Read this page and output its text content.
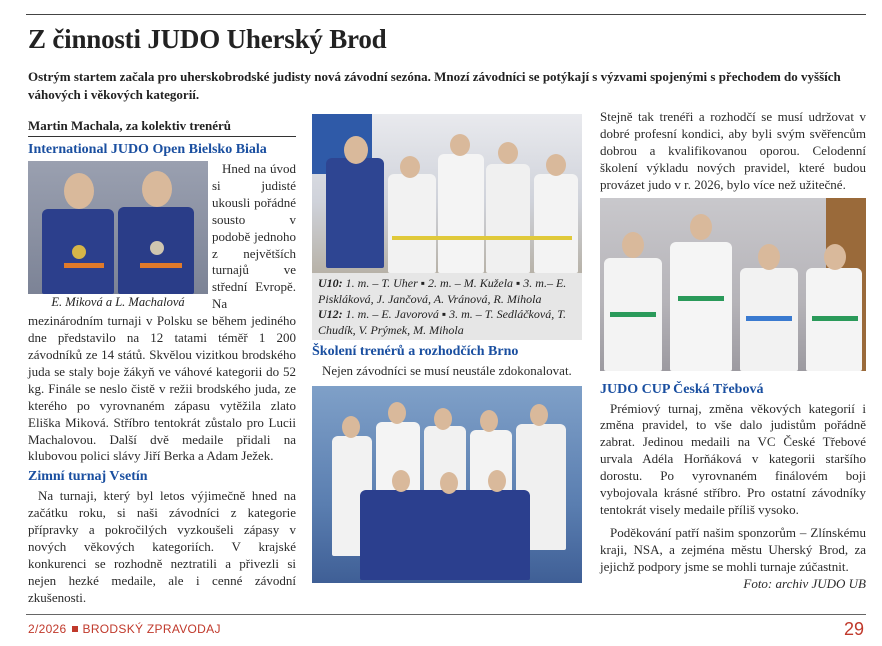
Z činnosti JUDO Uherský Brod

Ostrým startem začala pro uherskobrodské judisty nová závodní sezóna. Mnozí závodníci se potýkají s výzvami spojenými s přechodem do vyšších váhových i věkových kategorií.

Martin Machala, za kolektiv trenérů

International JUDO Open Bielsko Biala

E. Miková a L. Machalová

Hned na úvod si judisté ukousli pořádné sousto v podobě jednoho z největších turnajů ve střední Evropě. Na mezinárodním turnaji v Polsku se během jediného dne představilo na 12 tatami téměř 1 200 závodníků ze 14 států. Skvělou vizitkou brodského juda se staly boje žákyň ve váhové kategorii do 52 kg. Finále se neslo čistě v režii brodského juda, ze kterého po vyrovnaném zápasu vytěžila zlato Eliška Miková. Stříbro tentokrát zůstalo pro Lucii Machalovou. Další dvě medaile přidali na klubovou polici slávy Jiří Berka a Adam Ježek.

Zimní turnaj Vsetín

Na turnaji, který byl letos výjimečně hned na začátku roku, si naši závodníci z kategorie přípravky a pokročilých vyzkoušeli zápasy v nových věkových kategoriích. V krajské konkurenci se rozhodně neztratili a přivezli si nejen hezké medaile, ale i cenné závodní zkušenosti.

U10: 1. m. – T. Uher ▪ 2. m. – M. Kužela ▪ 3. m.– E. Piskláková, J. Jančová, A. Vránová, R. Mihola
U12: 1. m. – E. Javorová ▪ 3. m. – T. Sedláčková, T. Chudík, V. Prýmek, M. Mihola

Školení trenérů a rozhodčích Brno

Nejen závodníci se musí neustále zdokonalovat.

Stejně tak trenéři a rozhodčí se musí udržovat v dobré profesní kondici, aby byli svým svěřencům dobrou a kvalifikovanou oporou. Celodenní školení výkladu nových pravidel, které budou provázet judo v r. 2026, bylo více než užitečné.

JUDO CUP Česká Třebová

Prémiový turnaj, změna věkových kategorií i změna pravidel, to vše dalo judistům pořádně zabrat. Jedinou medaili na VC České Třebové urvala Adéla Horňáková v kategorii staršího dorostu. Po vyrovnaném finálovém boji vybojovala krásné stříbro. Pro ostatní závodníky tentokrát visely medaile příliš vysoko.

Poděkování patří našim sponzorům – Zlínskému kraji, NSA, a zejména městu Uherský Brod, za jejichž podpory jsme se mohli turnaje zúčastnit.
Foto: archiv JUDO UB

2/2026 BRODSKÝ ZPRAVODAJ	29
